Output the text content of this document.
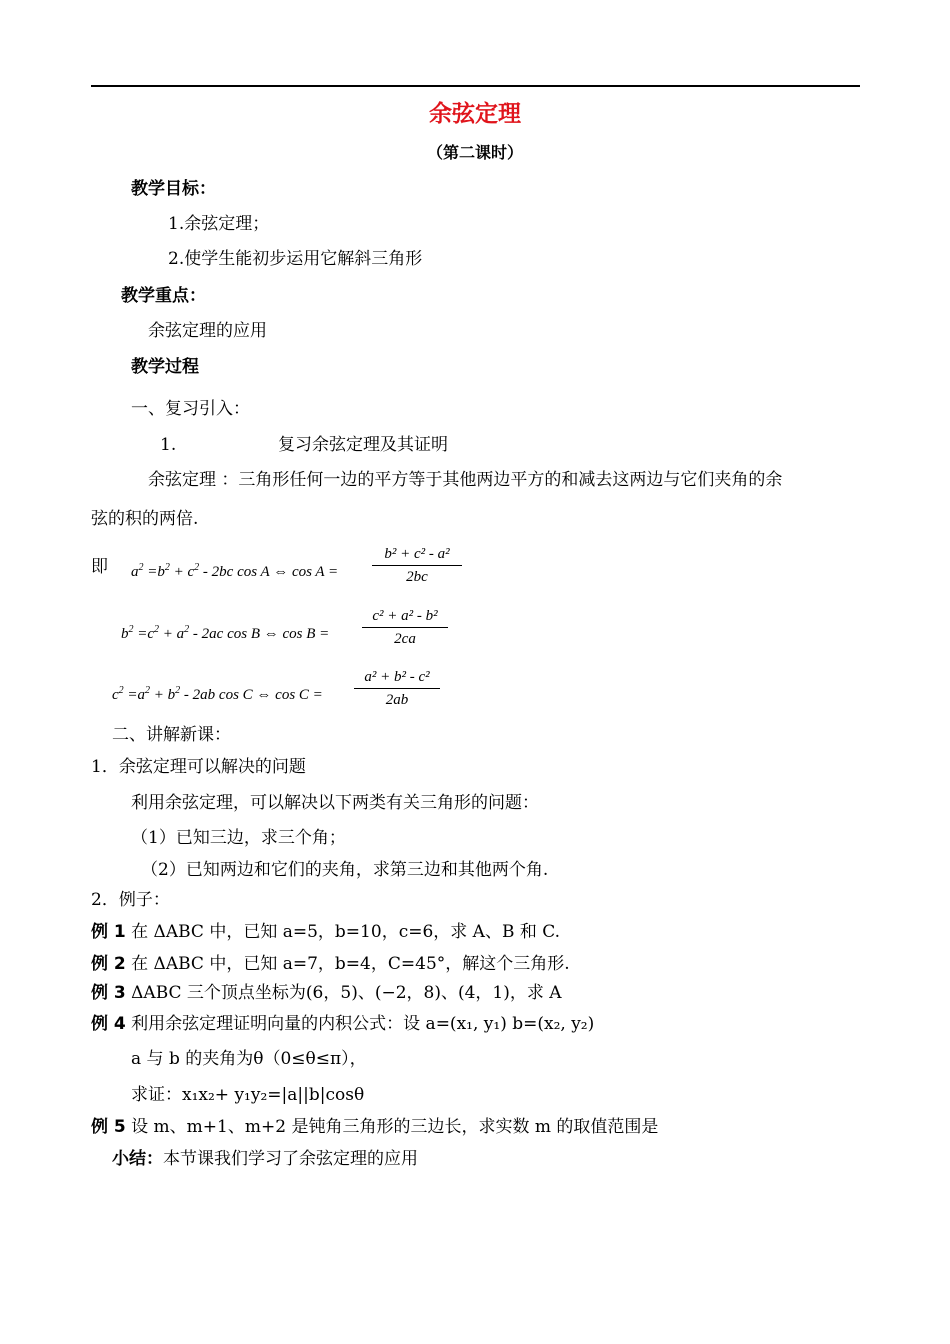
余弦定理
（第二课时）
教学目标：
1.余弦定理；
2.使学生能初步运用它解斜三角形
教学重点：
余弦定理的应用
教学过程
一、复习引入：
1.	复习余弦定理及其证明
余弦定理 ：三角形任何一边的平方等于其他两边平方的和减去这两边与它们夹角的余
弦的积的两倍.
即 $a^2 =b^2 + c^2 - 2bc$ cos A ⇔ $\cos A = \frac{\text{b² + c² - a²}}{2bc}$
$b^2 =c^2 + a^2 - 2ac$ cos B ⇔ $\cos B = \frac{\text{c² + a² - b²}}{2ca}$
$c^2 =a^2 + b^2 - 2ab$ cos C ⇔ $\cos C = \frac{\text{a² + b² - c²}}{2ab}$
二、讲解新课：
1．余弦定理可以解决的问题
利用余弦定理，可以解决以下两类有关三角形的问题：
（1）已知三边，求三个角；
（2）已知两边和它们的夹角，求第三边和其他两个角.
2．例子：
例 1 在 ΔABC 中，已知 a=5，b=10，c=6，求 A、B 和 C.
例 2 在 ΔABC 中，已知 a=7，b=4，C=45°，解这个三角形.
例 3 ΔABC 三个顶点坐标为(6，5)、(−2，8)、(4，1)，求 A
例 4 利用余弦定理证明向量的内积公式：设 a=(x₁, y₁) b=(x₂, y₂)
a 与 b 的夹角为θ（0≤θ≤π），
求证：x₁x₂+ y₁y₂=|a||b|cosθ
例 5 设 m、m+1、m+2 是钝角三角形的三边长，求实数 m 的取值范围是
小结：本节课我们学习了余弦定理的应用
